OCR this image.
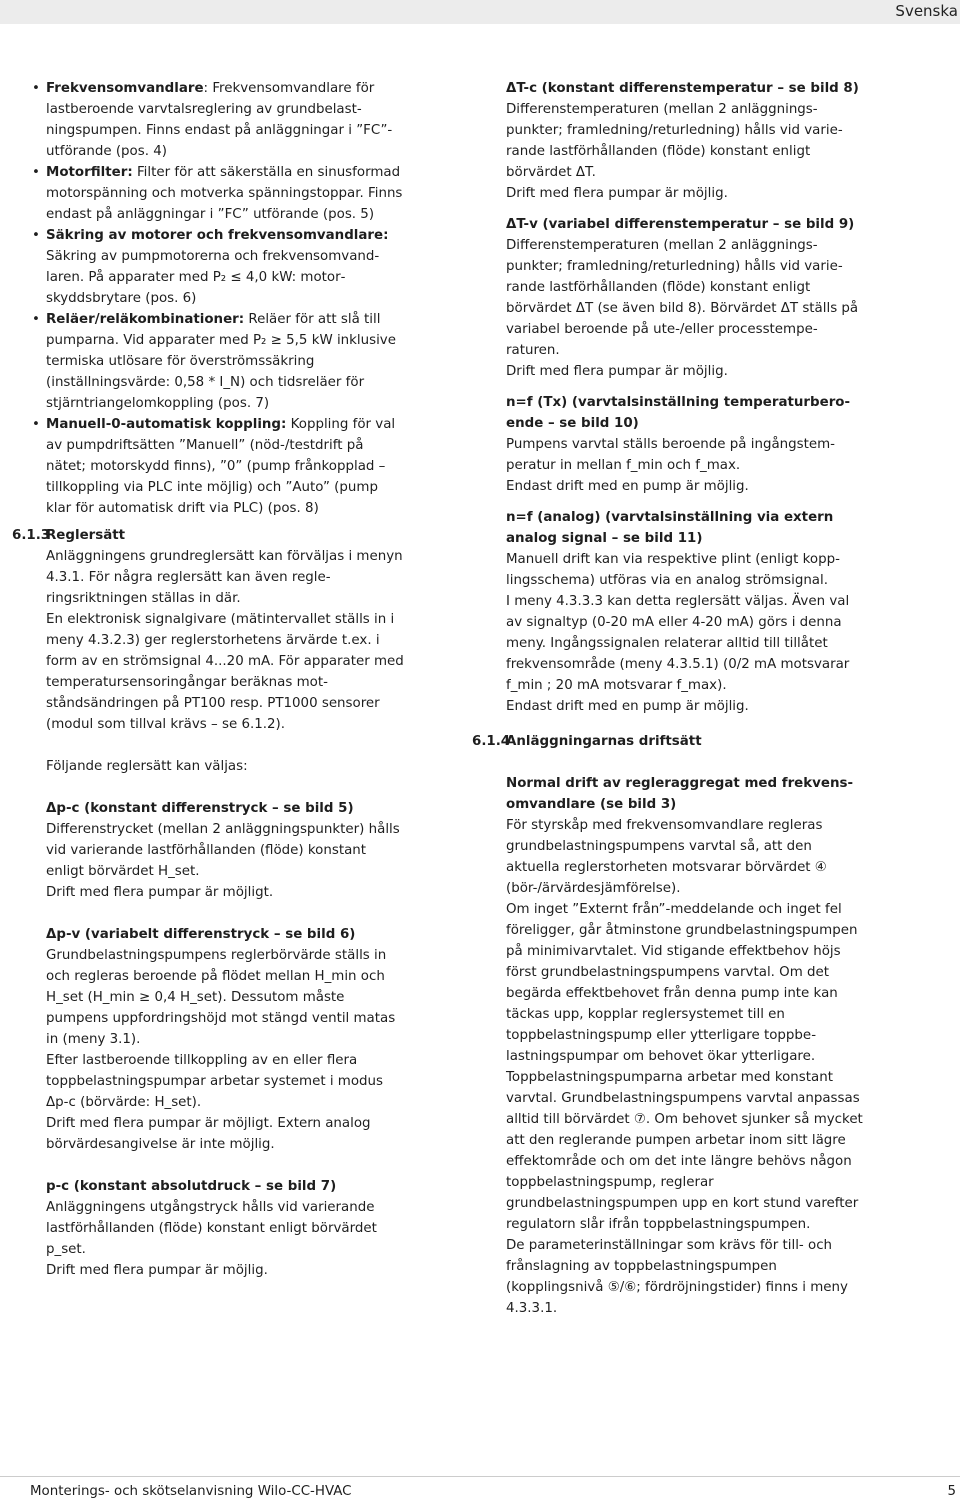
Svenska
• Frekvensomvandlare: Frekvensomvandlare för lastberoende varvtalsreglering av grundbelastningspumpen. Finns endast på anläggningar i ”FC”-utförande (pos. 4)
• Motorfilter: Filter för att säkerställa en sinusformad motorspänning och motverka spänningstoppar. Finns endast på anläggningar i ”FC” utförande (pos. 5)
• Säkring av motorer och frekvensomvandlare: Säkring av pumpmotorerna och frekvensomvandlaren. På apparater med P₂ ≤ 4,0 kW: motorskyddsbrytare (pos. 6)
• Reläer/reläkombinationer: Reläer för att slå till pumparna. Vid apparater med P₂ ≥ 5,5 kW inklusive termiska utlösare för överströmssäkring (inställningsvärde: 0,58 * I_N) och tidsreläer för stjärntriangelomkoppling (pos. 7)
• Manuell-0-automatisk koppling: Koppling för val av pumpdriftsätten ”Manuell” (nöd-/testdrift på nätet; motorskydd finns), ”0” (pump frånkopplad – tillkoppling via PLC inte möjlig) och ”Auto” (pump klar för automatisk drift via PLC) (pos. 8)
6.1.3
Reglersätt

Anläggningens grundreglersätt kan förväljas i menyn 4.3.1. För några reglersätt kan även regleringsriktningen ställas in där.

En elektronisk signalgivare (mätintervallet ställs in i meny 4.3.2.3) ger reglerstorhetens ärvärde t.ex. i form av en strömsignal 4...20 mA. För apparater med temperatursensoringångar beräknas motståndsändringen på PT100 resp. PT1000 sensorer (modul som tillval krävs – se 6.1.2).

Följande reglersätt kan väljas:

Δp-c (konstant differenstryck – se bild 5)

Differenstrycket (mellan 2 anläggningspunkter) hålls vid varierande lastförhållanden (flöde) konstant enligt börvärdet H_set.

Drift med flera pumpar är möjligt.

Δp-v (variabelt differenstryck – se bild 6)

Grundbelastningspumpens reglerbörvärde ställs in och regleras beroende på flödet mellan H_min och H_set (H_min ≥ 0,4 H_set). Dessutom måste pumpens uppfordringshöjd mot stängd ventil matas in (meny 3.1).

Efter lastberoende tillkoppling av en eller flera toppbelastningspumpar arbetar systemet i modus Δp-c (börvärde: H_set).

Drift med flera pumpar är möjligt. Extern analog börvärdesangivelse är inte möjlig.

p-c (konstant absolutdruck – se bild 7)

Anläggningens utgångstryck hålls vid varierande lastförhållanden (flöde) konstant enligt börvärdet p_set.

Drift med flera pumpar är möjlig.

ΔT-c (konstant differenstemperatur – se bild 8)

Differenstemperaturen (mellan 2 anläggningspunkter; framledning/returledning) hålls vid varierande lastförhållanden (flöde) konstant enligt börvärdet ΔT.

Drift med flera pumpar är möjlig.

ΔT-v (variabel differenstemperatur – se bild 9)

Differenstemperaturen (mellan 2 anläggningspunkter; framledning/returledning) hålls vid varierande lastförhållanden (flöde) konstant enligt börvärdet ΔT (se även bild 8). Börvärdet ΔT ställs på variabel beroende på ute-/eller processtemperaturen.

Drift med flera pumpar är möjlig.

n=f (Tx) (varvtalsinställning temperaturberoende – se bild 10)

Pumpens varvtal ställs beroende på ingångstemperatur in mellan f_min och f_max.

Endast drift med en pump är möjlig.

n=f (analog) (varvtalsinställning via extern analog signal – se bild 11)

Manuell drift kan via respektive plint (enligt kopplingsschema) utföras via en analog strömsignal.

I meny 4.3.3.3 kan detta reglersätt väljas. Även val av signaltyp (0-20 mA eller 4-20 mA) görs i denna meny. Ingångssignalen relaterar alltid till tillåtet frekvensområde (meny 4.3.5.1) (0/2 mA motsvarar f_min ; 20 mA motsvarar f_max).

Endast drift med en pump är möjlig.

6.1.4
Anläggningarnas driftsätt
Normal drift av regleraggregat med frekvensomvandlare (se bild 3)

För styrskåp med frekvensomvandlare regleras grundbelastningspumpens varvtal så, att den aktuella reglerstorheten motsvarar börvärdet ④ (bör-/ärvärdesjämförelse).

Om inget ”Externt från”-meddelande och inget fel föreligger, går åtminstone grundbelastningspumpen på minimivarvtalet. Vid stigande effektbehov höjs först grundbelastningspumpens varvtal. Om det begärda effektbehovet från denna pump inte kan täckas upp, kopplar reglersystemet till en toppbelastningspump eller ytterligare toppbelastningspumpar om behovet ökar ytterligare. Toppbelastningspumparna arbetar med konstant varvtal. Grundbelastningspumpens varvtal anpassas alltid till börvärdet ⑦. Om behovet sjunker så mycket att den reglerande pumpen arbetar inom sitt lägre effektområde och om det inte längre behövs någon toppbelastningspump, reglerar grundbelastningspumpen upp en kort stund varefter regulatorn slår ifrån toppbelastningspumpen.

De parameterinställningar som krävs för till- och frånslagning av toppbelastningspumpen (kopplingsnivå ⑤/⑥; fördröjningstider) finns i meny 4.3.3.1.

Monterings- och skötselanvisning Wilo-CC-HVAC	5
